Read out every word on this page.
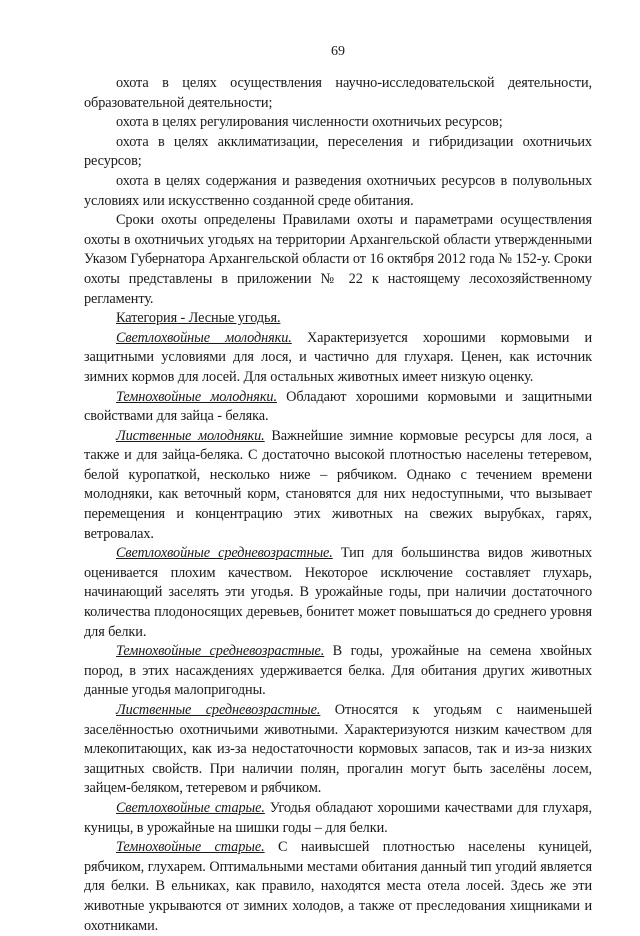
69

охота в целях осуществления научно-исследовательской деятельности, образовательной деятельности;

охота в целях регулирования численности охотничьих ресурсов;

охота в целях акклиматизации, переселения и гибридизации охотничьих ресурсов;

охота в целях содержания и разведения охотничьих ресурсов в полувольных условиях или искусственно созданной среде обитания.

Сроки охоты определены Правилами охоты и параметрами осуществления охоты в охотничьих угодьях на территории Архангельской области утвержденными Указом Губернатора Архангельской области от 16 октября 2012 года № 152-у. Сроки охоты представлены в приложении № 22 к настоящему лесохозяйственному регламенту.

Категория - Лесные угодья.

Светлохвойные молодняки. Характеризуется хорошими кормовыми и защитными условиями для лося, и частично для глухаря. Ценен, как источник зимних кормов для лосей. Для остальных животных имеет низкую оценку.

Темнохвойные молодняки. Обладают хорошими кормовыми и защитными свойствами для зайца - беляка.

Лиственные молодняки. Важнейшие зимние кормовые ресурсы для лося, а также и для зайца-беляка. С достаточно высокой плотностью населены тетеревом, белой куропаткой, несколько ниже – рябчиком. Однако с течением времени молодняки, как веточный корм, становятся для них недоступными, что вызывает перемещения и концентрацию этих животных на свежих вырубках, гарях, ветровалах.

Светлохвойные средневозрастные. Тип для большинства видов животных оценивается плохим качеством. Некоторое исключение составляет глухарь, начинающий заселять эти угодья. В урожайные годы, при наличии достаточного количества плодоносящих деревьев, бонитет может повышаться до среднего уровня для белки.

Темнохвойные средневозрастные. В годы, урожайные на семена хвойных пород, в этих насаждениях удерживается белка. Для обитания других животных данные угодья малопригодны.

Лиственные средневозрастные. Относятся к угодьям с наименьшей заселённостью охотничьими животными. Характеризуются низким качеством для млекопитающих, как из-за недостаточности кормовых запасов, так и из-за низких защитных свойств. При наличии полян, прогалин могут быть заселёны лосем, зайцем-беляком, тетеревом и рябчиком.

Светлохвойные старые. Угодья обладают хорошими качествами для глухаря, куницы, в урожайные на шишки годы – для белки.

Темнохвойные старые. С наивысшей плотностью населены куницей, рябчиком, глухарем. Оптимальными местами обитания данный тип угодий является для белки. В ельниках, как правило, находятся места отела лосей. Здесь же эти животные укрываются от зимних холодов, а также от преследования хищниками и охотниками.
